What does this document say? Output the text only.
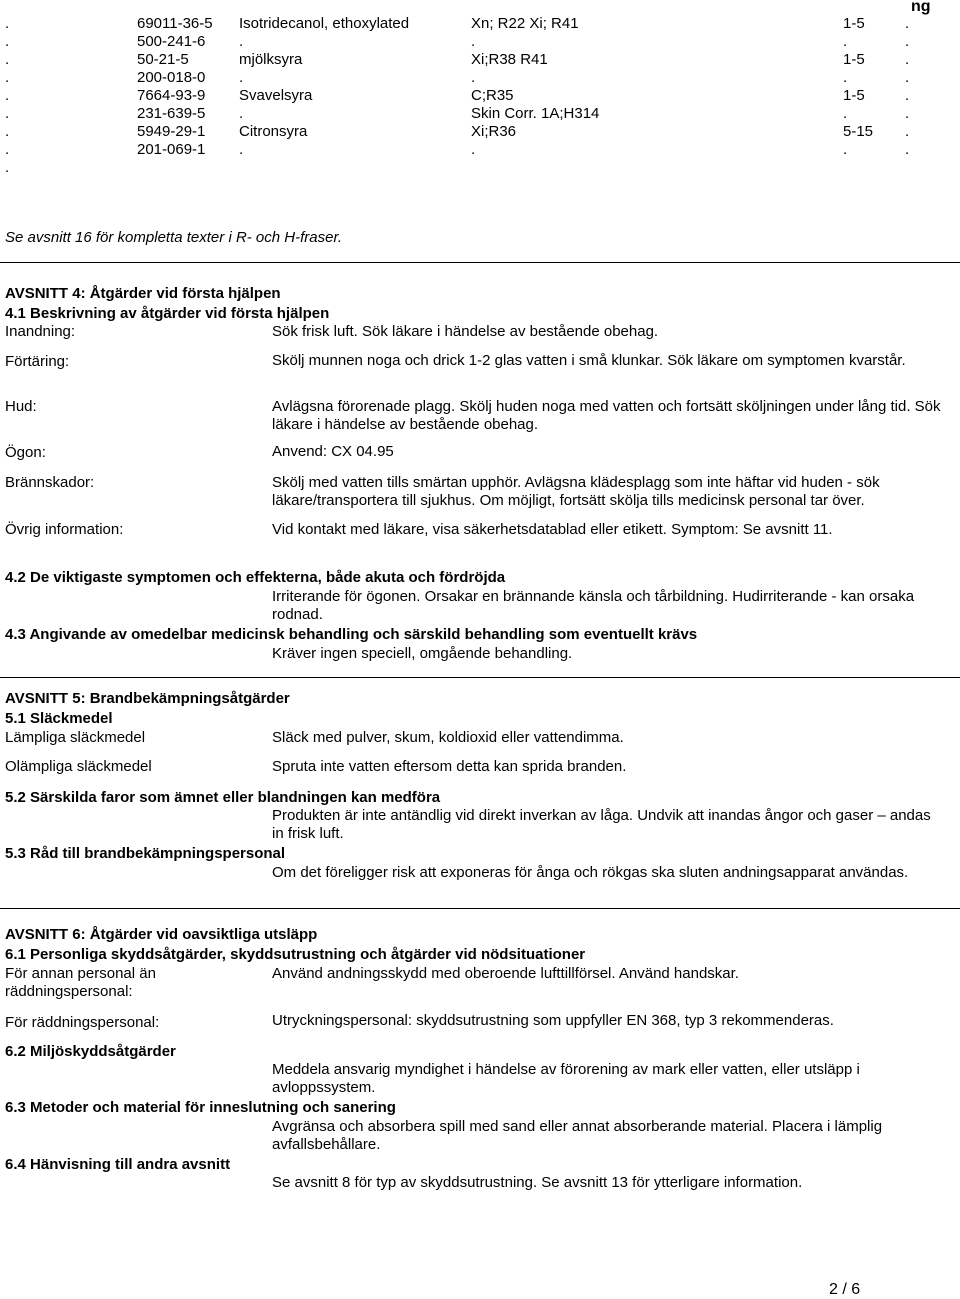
ng
.	69011-36-5 Isotridecanol, ethoxylated	Xn; R22 Xi; R41	1-5	.
.	500-241-6 .	.	.	.
.	50-21-5	mjölksyra	Xi;R38 R41	1-5	.
.	200-018-0 .	.	.	.
.	7664-93-9 Svavelsyra	C;R35	1-5	.
.	231-639-5 .	Skin Corr. 1A;H314	.	.
.	5949-29-1 Citronsyra	Xi;R36	5-15 .
.	201-069-1 .	.	.	.
.
Se avsnitt 16 för kompletta texter i R- och H-fraser.
AVSNITT 4: Åtgärder vid första hjälpen
4.1 Beskrivning av åtgärder vid första hjälpen
Inandning:	Sök frisk luft. Sök läkare i händelse av bestående obehag.
Förtäring:	Skölj munnen noga och drick 1-2 glas vatten i små klunkar. Sök läkare om symptomen kvarstår.
Hud:	Avlägsna förorenade plagg. Skölj huden noga med vatten och fortsätt sköljningen under lång tid. Sök läkare i händelse av bestående obehag.
Ögon:	Anvend: CX 04.95
Brännskador:	Skölj med vatten tills smärtan upphör. Avlägsna klädesplagg som inte häftar vid huden - sök läkare/transportera till sjukhus. Om möjligt, fortsätt skölja tills medicinsk personal tar över.
Övrig information:	Vid kontakt med läkare, visa säkerhetsdatablad eller etikett. Symptom: Se avsnitt 11.
4.2 De viktigaste symptomen och effekterna, både akuta och fördröjda
Irriterande för ögonen. Orsakar en brännande känsla och tårbildning. Hudirriterande - kan orsaka rodnad.
4.3 Angivande av omedelbar medicinsk behandling och särskild behandling som eventuellt krävs
Kräver ingen speciell, omgående behandling.
AVSNITT 5: Brandbekämpningsåtgärder
5.1 Släckmedel
Lämpliga släckmedel	Släck med pulver, skum, koldioxid eller vattendimma.
Olämpliga släckmedel	Spruta inte vatten eftersom detta kan sprida branden.
5.2 Särskilda faror som ämnet eller blandningen kan medföra
Produkten är inte antändlig vid direkt inverkan av låga. Undvik att inandas ångor och gaser – andas in frisk luft.
5.3 Råd till brandbekämpningspersonal
Om det föreligger risk att exponeras för ånga och rökgas ska sluten andningsapparat användas.
AVSNITT 6: Åtgärder vid oavsiktliga utsläpp
6.1 Personliga skyddsåtgärder, skyddsutrustning och åtgärder vid nödsituationer
För annan personal än räddningspersonal:
Använd andningsskydd med oberoende lufttillförsel. Använd handskar.
För räddningspersonal:	Utryckningspersonal: skyddsutrustning som uppfyller EN 368, typ 3 rekommenderas.
6.2 Miljöskyddsåtgärder
Meddela ansvarig myndighet i händelse av förorening av mark eller vatten, eller utsläpp i avloppssystem.
6.3 Metoder och material för inneslutning och sanering
Avgränsa och absorbera spill med sand eller annat absorberande material. Placera i lämplig avfallsbehållare.
6.4 Hänvisning till andra avsnitt
Se avsnitt 8 för typ av skyddsutrustning. Se avsnitt 13 för ytterligare information.
2 / 6
